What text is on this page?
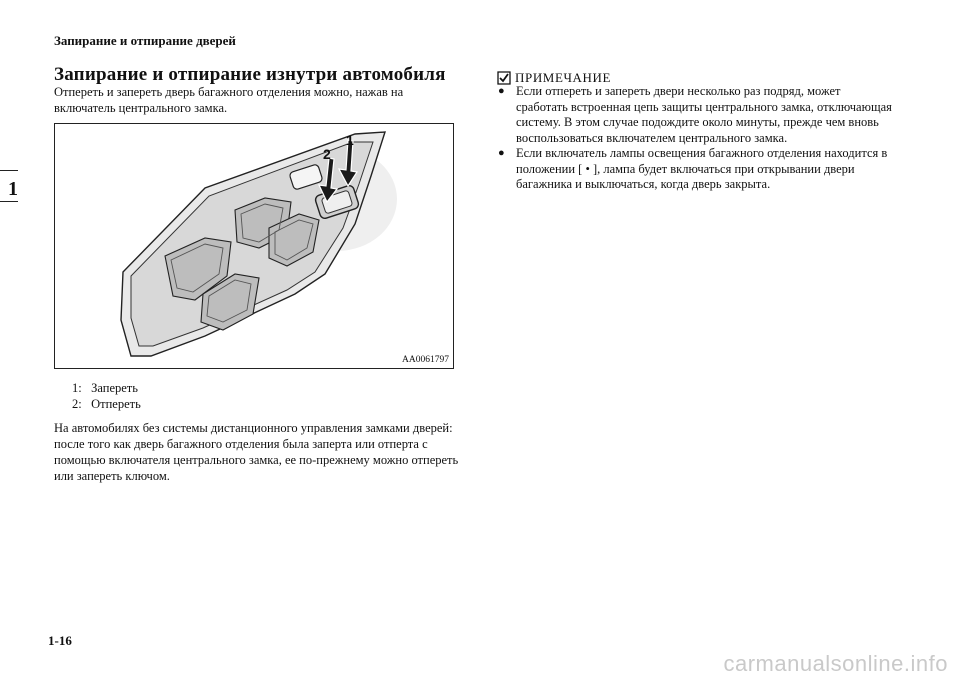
Запирание и отпирание дверей
1
Запирание и отпирание изнутри автомобиля
Отпереть и запереть дверь багажного отделения можно, нажав на включатель центрального замка.
1
2
AA0061797
1: Запереть
2: Отпереть
На автомобилях без системы дистанционного управления замками дверей: после того как дверь багажного отделения была заперта или отперта с помощью включателя центрального замка, ее по-прежнему можно отпереть или запереть ключом.
ПРИМЕЧАНИЕ
● Если отпереть и запереть двери несколько раз подряд, может сработать встроенная цепь защиты центрального замка, отключающая систему. В этом случае подождите около минуты, прежде чем вновь воспользоваться включателем центрального замка.
● Если включатель лампы освещения багажного отделения находится в положении [ • ], лампа будет включаться при открывании двери багажника и выключаться, когда дверь закрыта.
1-16
carmanualsonline.info
